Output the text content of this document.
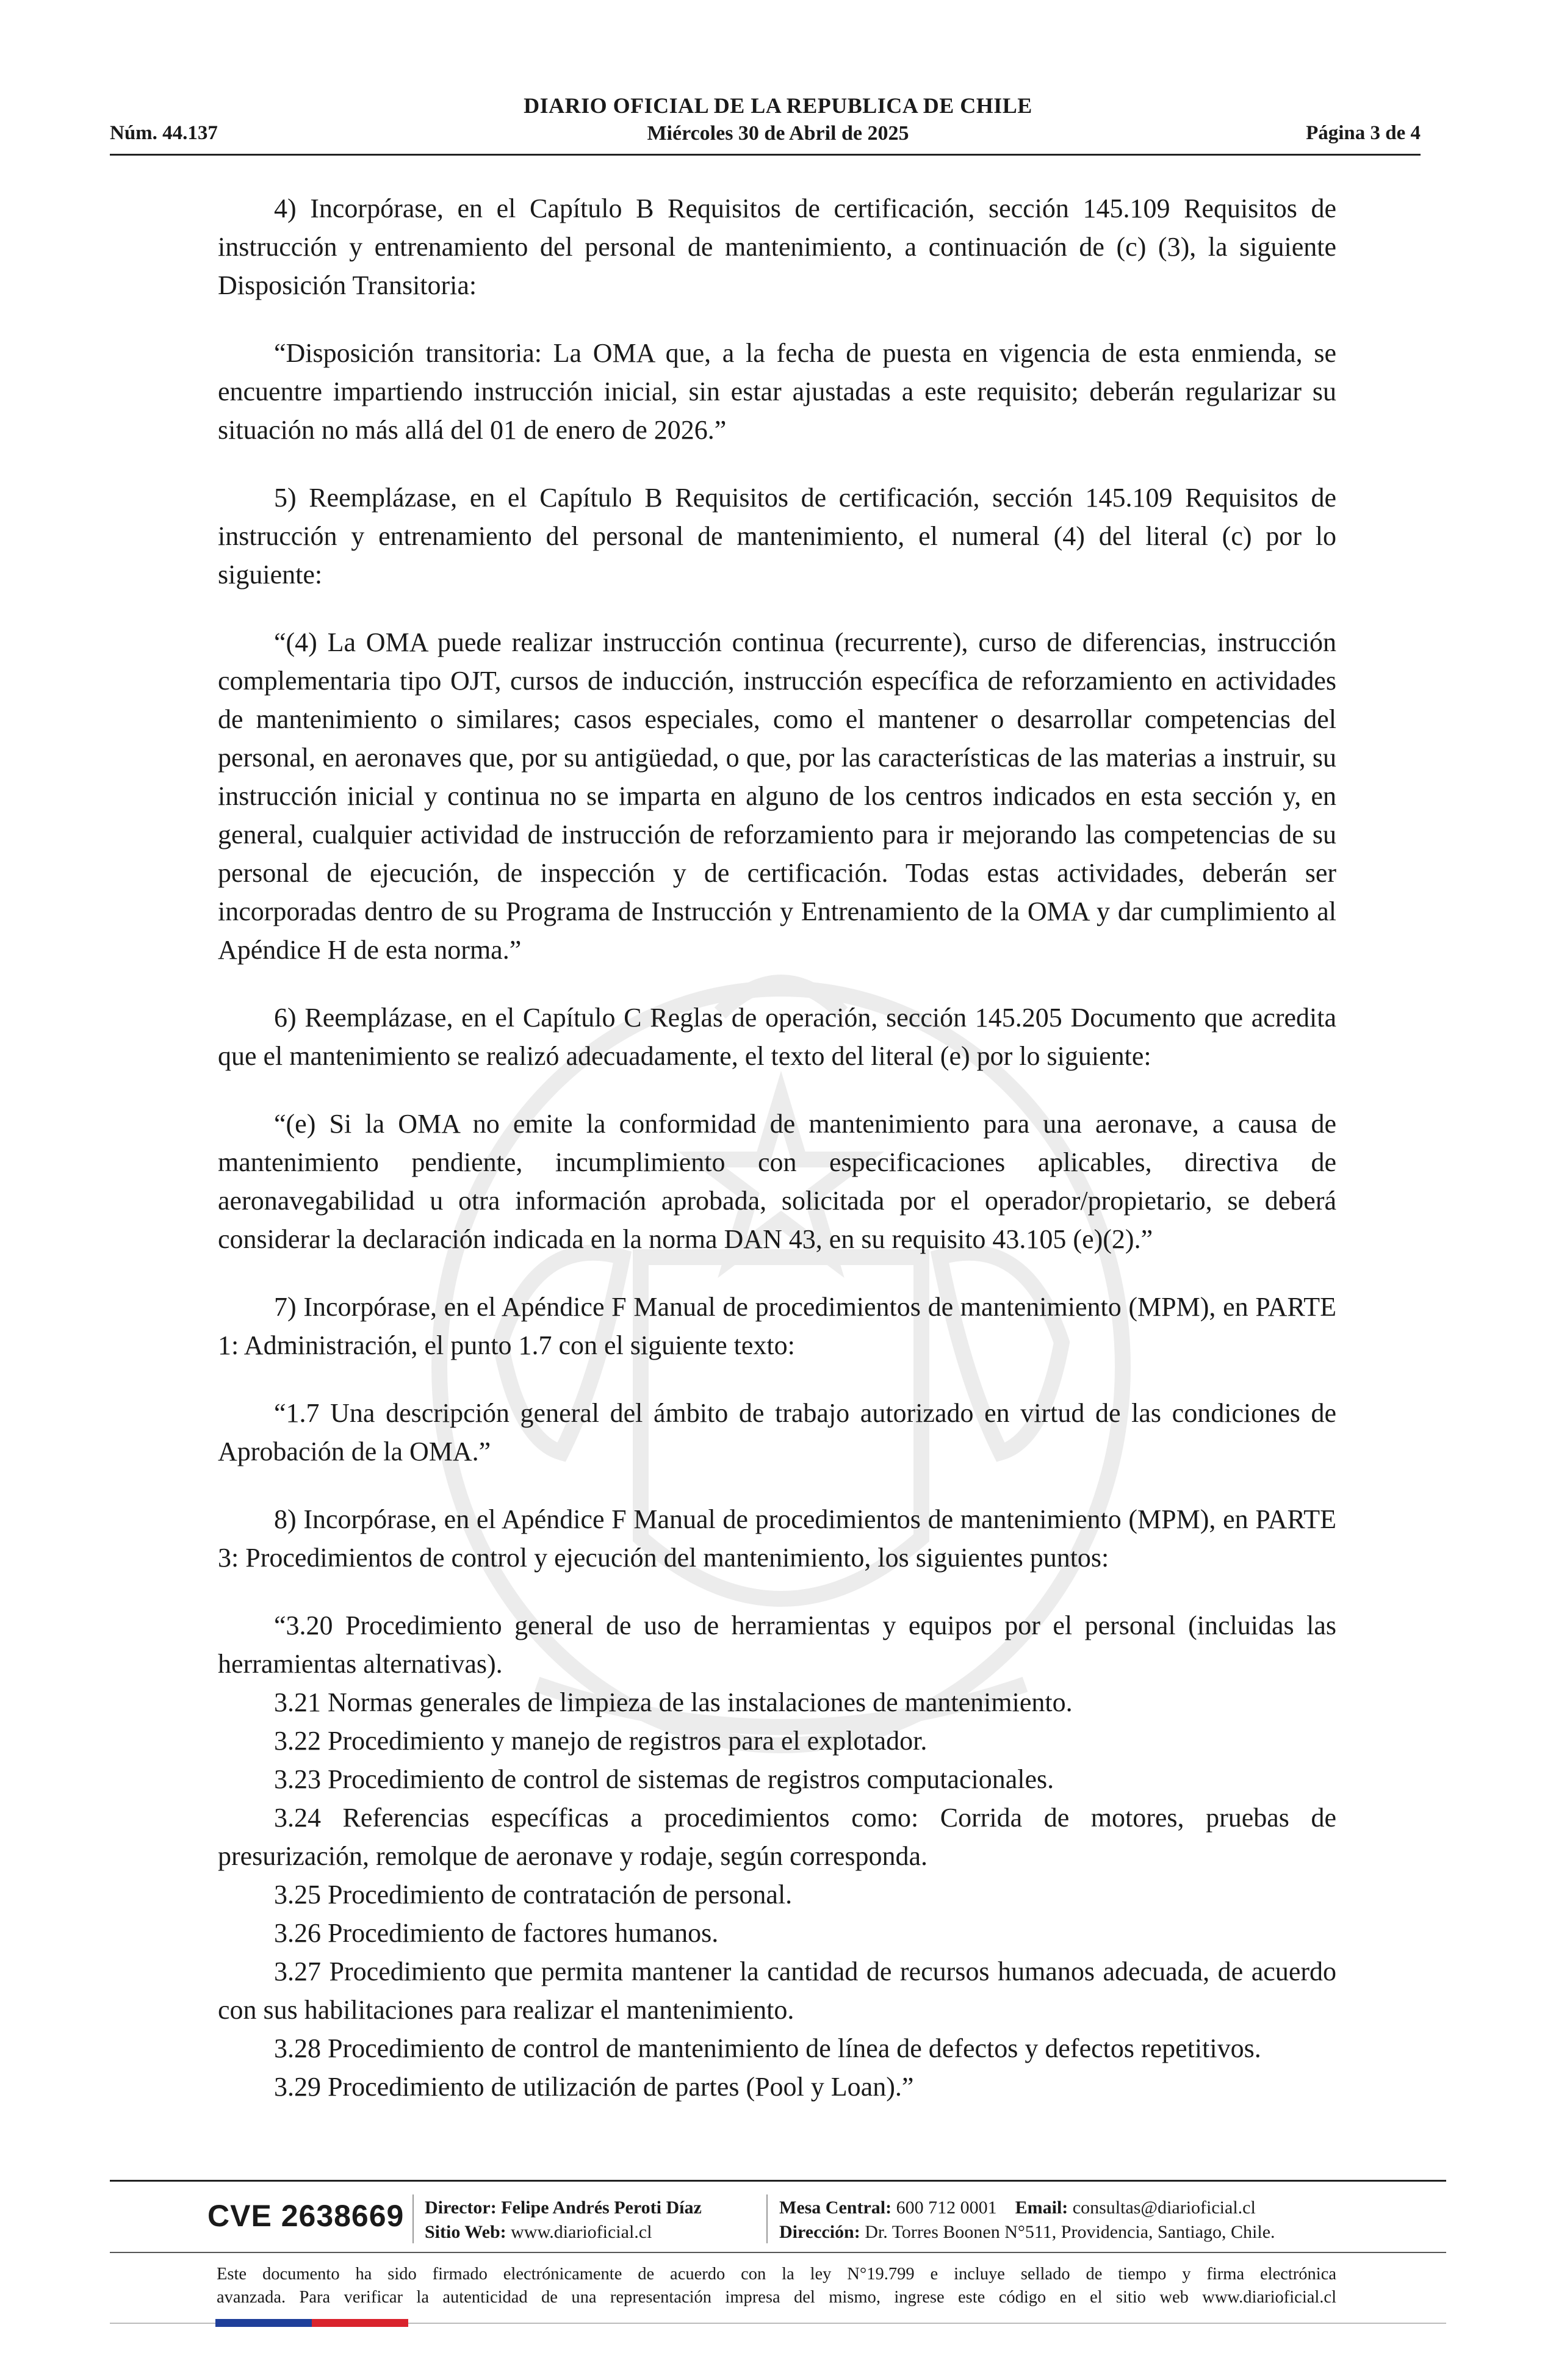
DIARIO OFICIAL DE LA REPUBLICA DE CHILE
Núm. 44.137	Miércoles 30 de Abril de 2025	Página 3 de 4

4) Incorpórase, en el Capítulo B Requisitos de certificación, sección 145.109 Requisitos de instrucción y entrenamiento del personal de mantenimiento, a continuación de (c) (3), la siguiente Disposición Transitoria:

“Disposición transitoria: La OMA que, a la fecha de puesta en vigencia de esta enmienda, se encuentre impartiendo instrucción inicial, sin estar ajustadas a este requisito; deberán regularizar su situación no más allá del 01 de enero de 2026.”

5) Reemplázase, en el Capítulo B Requisitos de certificación, sección 145.109 Requisitos de instrucción y entrenamiento del personal de mantenimiento, el numeral (4) del literal (c) por lo siguiente:

“(4) La OMA puede realizar instrucción continua (recurrente), curso de diferencias, instrucción complementaria tipo OJT, cursos de inducción, instrucción específica de reforzamiento en actividades de mantenimiento o similares; casos especiales, como el mantener o desarrollar competencias del personal, en aeronaves que, por su antigüedad, o que, por las características de las materias a instruir, su instrucción inicial y continua no se imparta en alguno de los centros indicados en esta sección y, en general, cualquier actividad de instrucción de reforzamiento para ir mejorando las competencias de su personal de ejecución, de inspección y de certificación. Todas estas actividades, deberán ser incorporadas dentro de su Programa de Instrucción y Entrenamiento de la OMA y dar cumplimiento al Apéndice H de esta norma.”

6) Reemplázase, en el Capítulo C Reglas de operación, sección 145.205 Documento que acredita que el mantenimiento se realizó adecuadamente, el texto del literal (e) por lo siguiente:

“(e) Si la OMA no emite la conformidad de mantenimiento para una aeronave, a causa de mantenimiento pendiente, incumplimiento con especificaciones aplicables, directiva de aeronavegabilidad u otra información aprobada, solicitada por el operador/propietario, se deberá considerar la declaración indicada en la norma DAN 43, en su requisito 43.105 (e)(2).”

7) Incorpórase, en el Apéndice F Manual de procedimientos de mantenimiento (MPM), en PARTE 1: Administración, el punto 1.7 con el siguiente texto:

“1.7 Una descripción general del ámbito de trabajo autorizado en virtud de las condiciones de Aprobación de la OMA.”

8) Incorpórase, en el Apéndice F Manual de procedimientos de mantenimiento (MPM), en PARTE 3: Procedimientos de control y ejecución del mantenimiento, los siguientes puntos:

“3.20 Procedimiento general de uso de herramientas y equipos por el personal (incluidas las herramientas alternativas).

3.21 Normas generales de limpieza de las instalaciones de mantenimiento.

3.22 Procedimiento y manejo de registros para el explotador.

3.23 Procedimiento de control de sistemas de registros computacionales.

3.24 Referencias específicas a procedimientos como: Corrida de motores, pruebas de presurización, remolque de aeronave y rodaje, según corresponda.

3.25 Procedimiento de contratación de personal.

3.26 Procedimiento de factores humanos.

3.27 Procedimiento que permita mantener la cantidad de recursos humanos adecuada, de acuerdo con sus habilitaciones para realizar el mantenimiento.

3.28 Procedimiento de control de mantenimiento de línea de defectos y defectos repetitivos.

3.29 Procedimiento de utilización de partes (Pool y Loan).”

CVE 2638669 Director: Felipe Andrés Peroti Díaz
Sitio Web: www.diarioficial.cl
Mesa Central: 600 712 0001 Email: consultas@diarioficial.cl
Dirección: Dr. Torres Boonen N°511, Providencia, Santiago, Chile.
Este documento ha sido firmado electrónicamente de acuerdo con la ley N°19.799 e incluye sellado de tiempo y firma electrónica
avanzada. Para verificar la autenticidad de una representación impresa del mismo, ingrese este código en el sitio web www.diarioficial.cl
